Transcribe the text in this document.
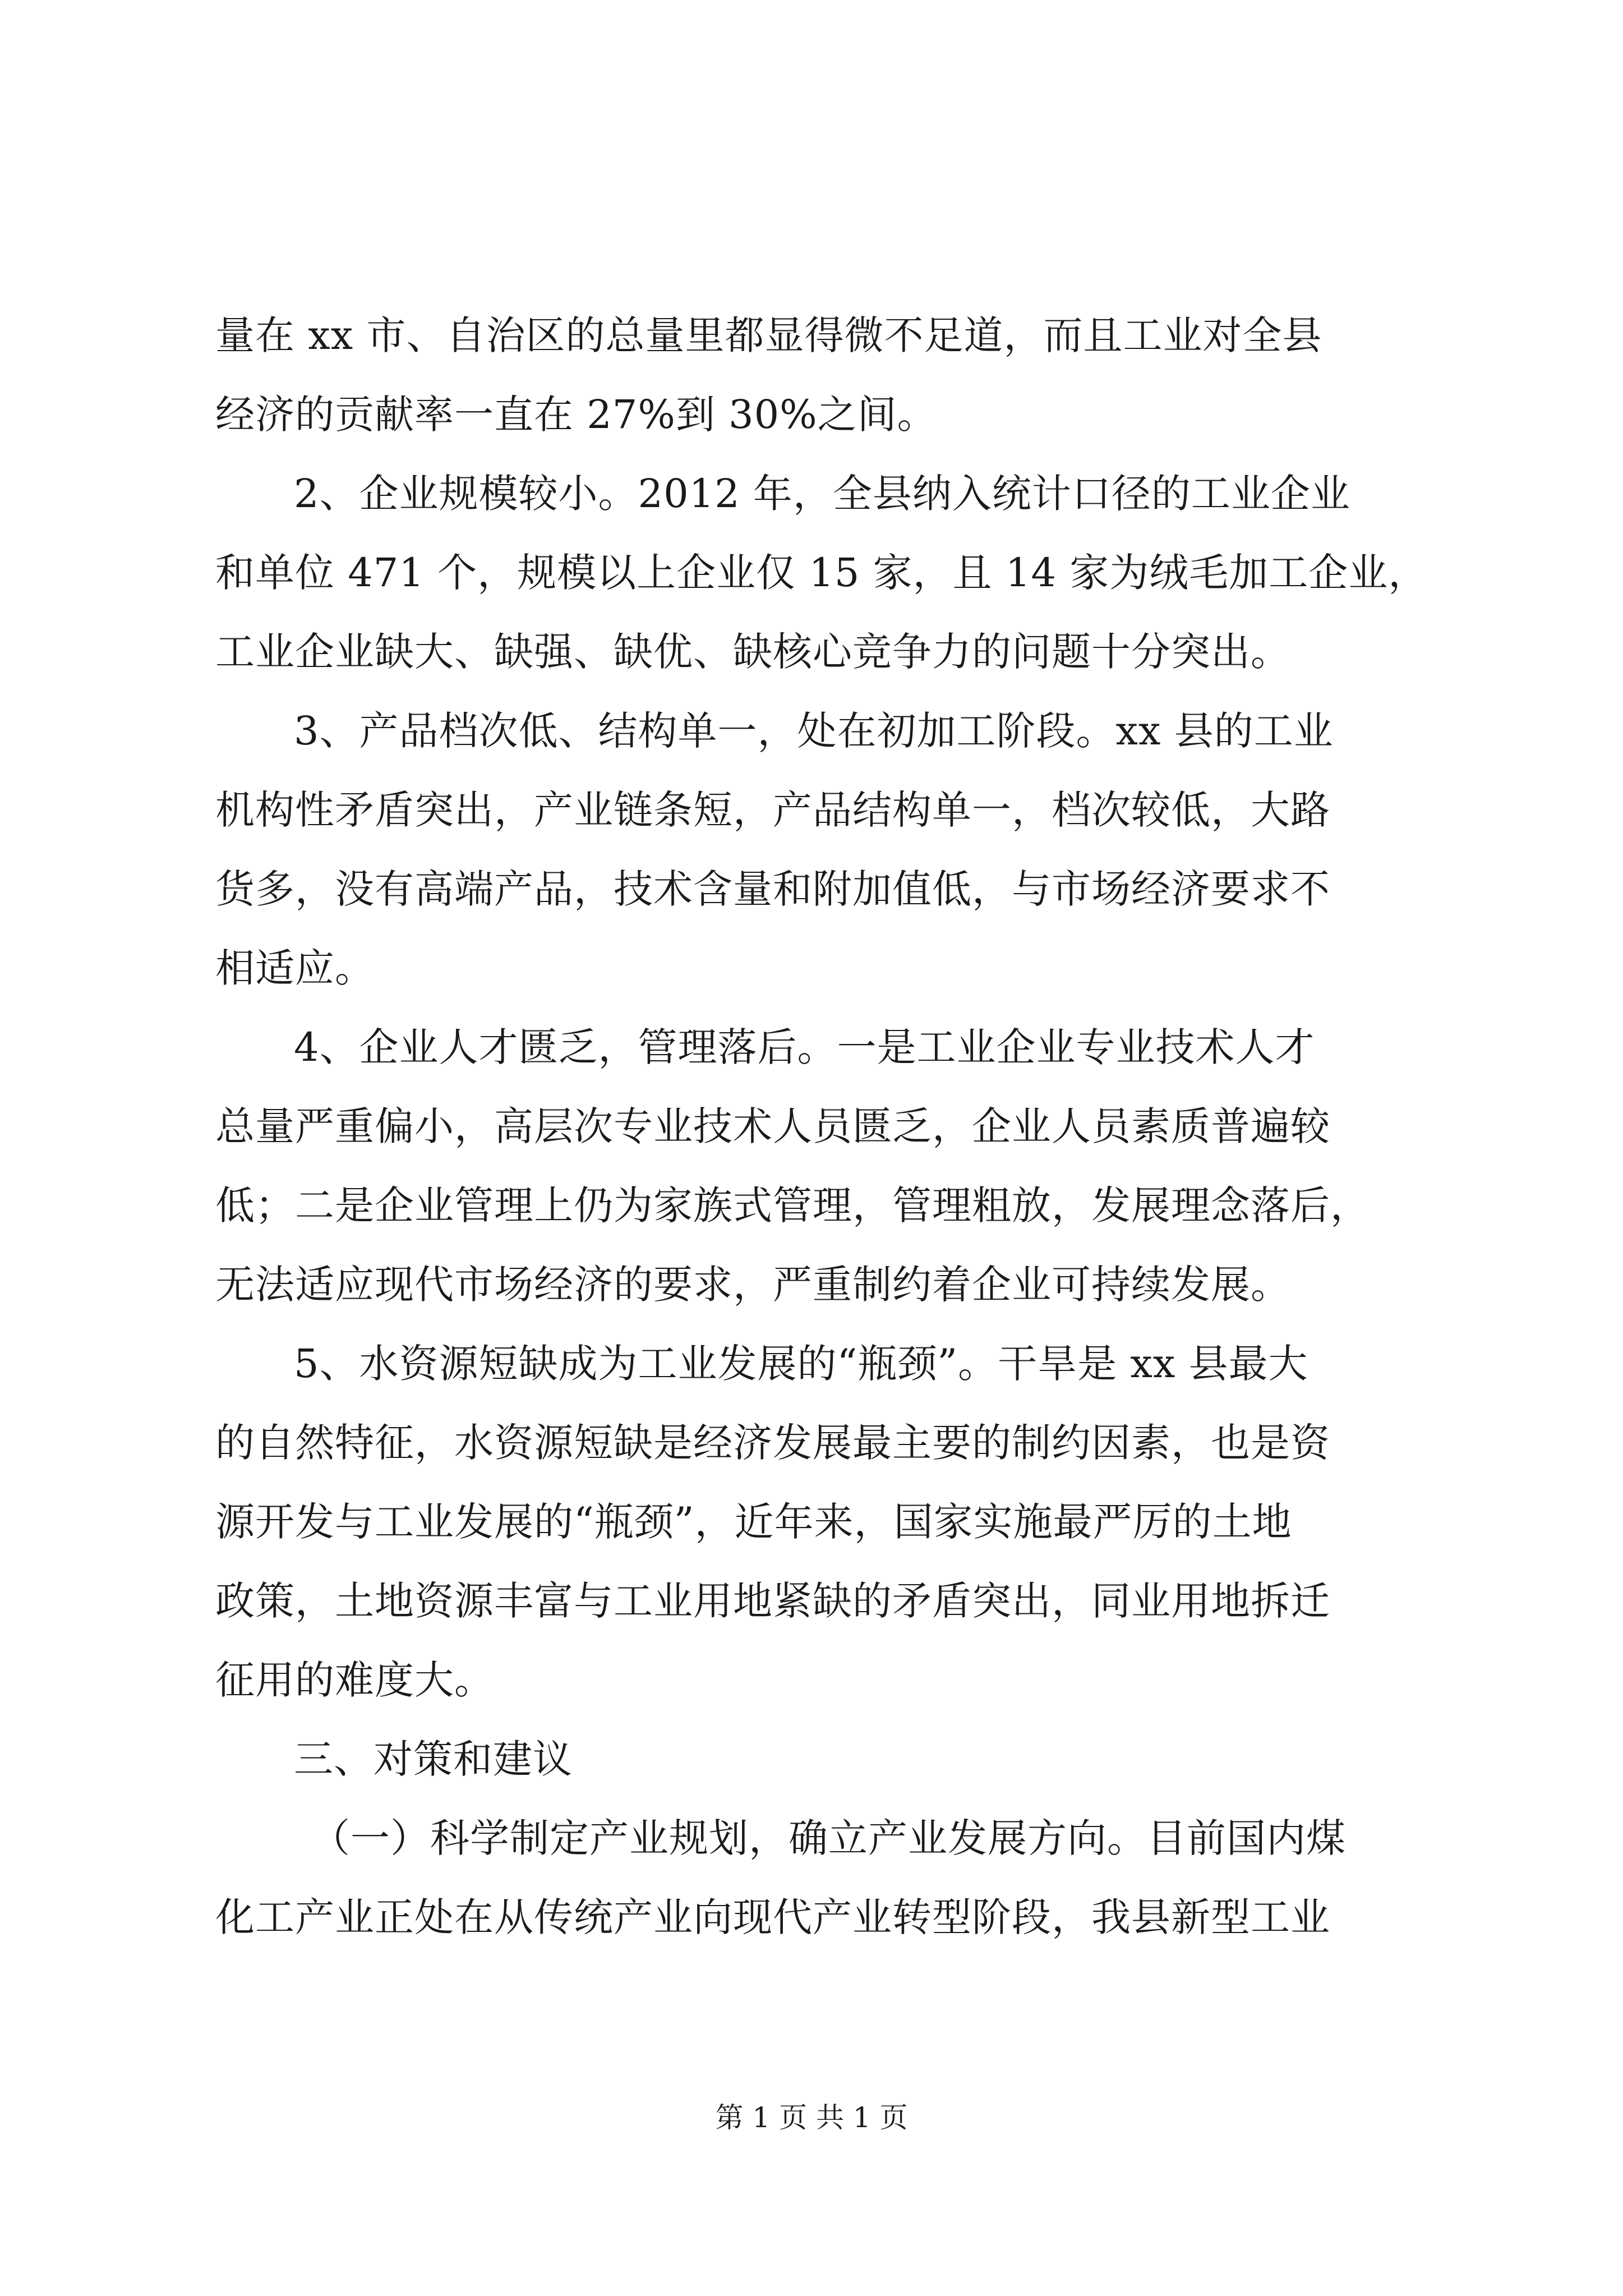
量在 xx 市、自治区的总量里都显得微不足道，而且工业对全县
经济的贡献率一直在 27%到 30%之间。
2、企业规模较小。2012 年，全县纳入统计口径的工业企业
和单位 471 个，规模以上企业仅 15 家，且 14 家为绒毛加工企业，
工业企业缺大、缺强、缺优、缺核心竞争力的问题十分突出。
3、产品档次低、结构单一，处在初加工阶段。xx 县的工业
机构性矛盾突出，产业链条短，产品结构单一，档次较低，大路
货多，没有高端产品，技术含量和附加值低，与市场经济要求不
相适应。
4、企业人才匮乏，管理落后。一是工业企业专业技术人才
总量严重偏小，高层次专业技术人员匮乏，企业人员素质普遍较
低；二是企业管理上仍为家族式管理，管理粗放，发展理念落后，
无法适应现代市场经济的要求，严重制约着企业可持续发展。
5、水资源短缺成为工业发展的“瓶颈”。干旱是 xx 县最大
的自然特征，水资源短缺是经济发展最主要的制约因素，也是资
源开发与工业发展的“瓶颈”，近年来，国家实施最严厉的土地
政策，土地资源丰富与工业用地紧缺的矛盾突出，同业用地拆迁
征用的难度大。
三、对策和建议
（一）科学制定产业规划，确立产业发展方向。目前国内煤
化工产业正处在从传统产业向现代产业转型阶段，我县新型工业
第 1 页 共 1 页
